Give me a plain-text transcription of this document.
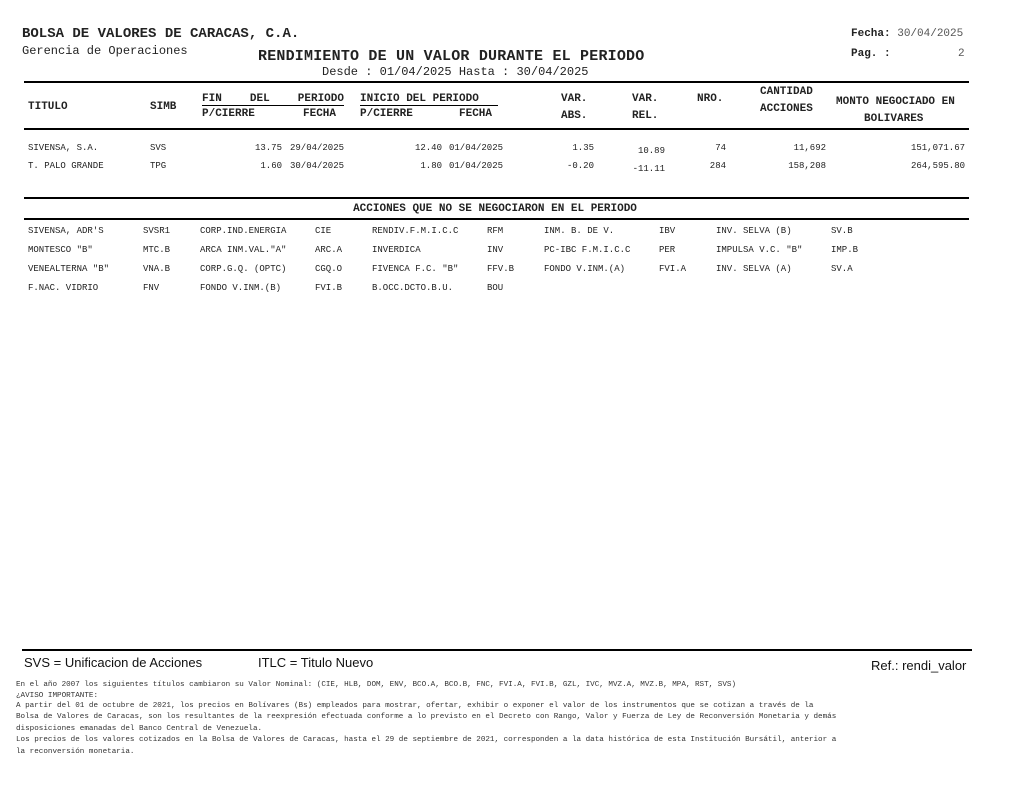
BOLSA DE VALORES DE CARACAS, C.A.
Gerencia de Operaciones	RENDIMIENTO DE UN VALOR DURANTE EL PERIODO
Desde : 01/04/2025 Hasta : 30/04/2025
Fecha: 30/04/2025
Pag. :	2
TITULO	SIMB
FIN	DEL	PERIODO
P/CIERRE	FECHA
INICIO DEL PERIODO
P/CIERRE	FECHA
VAR.
ABS.
VAR.
REL.
NRO.
CANTIDAD
ACCIONES
MONTO NEGOCIADO EN
BOLIVARES
SIVENSA, S.A.	SVS	13.75 29/04/2025	12.40 01/04/2025	1.35	10.89	74	11,692	151,071.67
T. PALO GRANDE	TPG	1.60 30/04/2025	1.80 01/04/2025	-0.20	-11.11	284	158,208	264,595.80
ACCIONES QUE NO SE NEGOCIARON EN EL PERIODO
SIVENSA, ADR'S	SVSR1	CORP.IND.ENERGIA	CIE	RENDIV.F.M.I.C.C	RFM	INM. B. DE V.	IBV	INV. SELVA (B)	SV.B
MONTESCO "B"	MTC.B	ARCA INM.VAL."A"	ARC.A	INVERDICA	INV	PC-IBC F.M.I.C.C	PER	IMPULSA V.C. "B"	IMP.B
VENEALTERNA "B"	VNA.B	CORP.G.Q. (OPTC)	CGQ.O	FIVENCA F.C. "B"	FFV.B	FONDO V.INM.(A)	FVI.A	INV. SELVA (A)	SV.A
F.NAC. VIDRIO	FNV	FONDO V.INM.(B)	FVI.B	B.OCC.DCTO.B.U.	BOU
SVS = Unificacion de Acciones	ITLC = Titulo Nuevo	Ref.: rendi_valor
En el año 2007 los siguientes títulos cambiaron su Valor Nominal: (CIE, HLB, DOM, ENV, BCO.A, BCO.B, FNC, FVI.A, FVI.B, GZL, IVC, MVZ.A, MVZ.B, MPA, RST, SVS)
¿AVISO IMPORTANTE:
A partir del 01 de octubre de 2021, los precios en Bolívares (Bs) empleados para mostrar, ofertar, exhibir o exponer el valor de los instrumentos que se cotizan a través de la
Bolsa de Valores de Caracas, son los resultantes de la reexpresión efectuada conforme a lo previsto en el Decreto con Rango, Valor y Fuerza de Ley de Reconversión Monetaria y demás
disposiciones emanadas del Banco Central de Venezuela.
Los precios de los valores cotizados en la Bolsa de Valores de Caracas, hasta el 29 de septiembre de 2021, corresponden a la data histórica de esta Institución Bursátil, anterior a
la reconversión monetaria.
